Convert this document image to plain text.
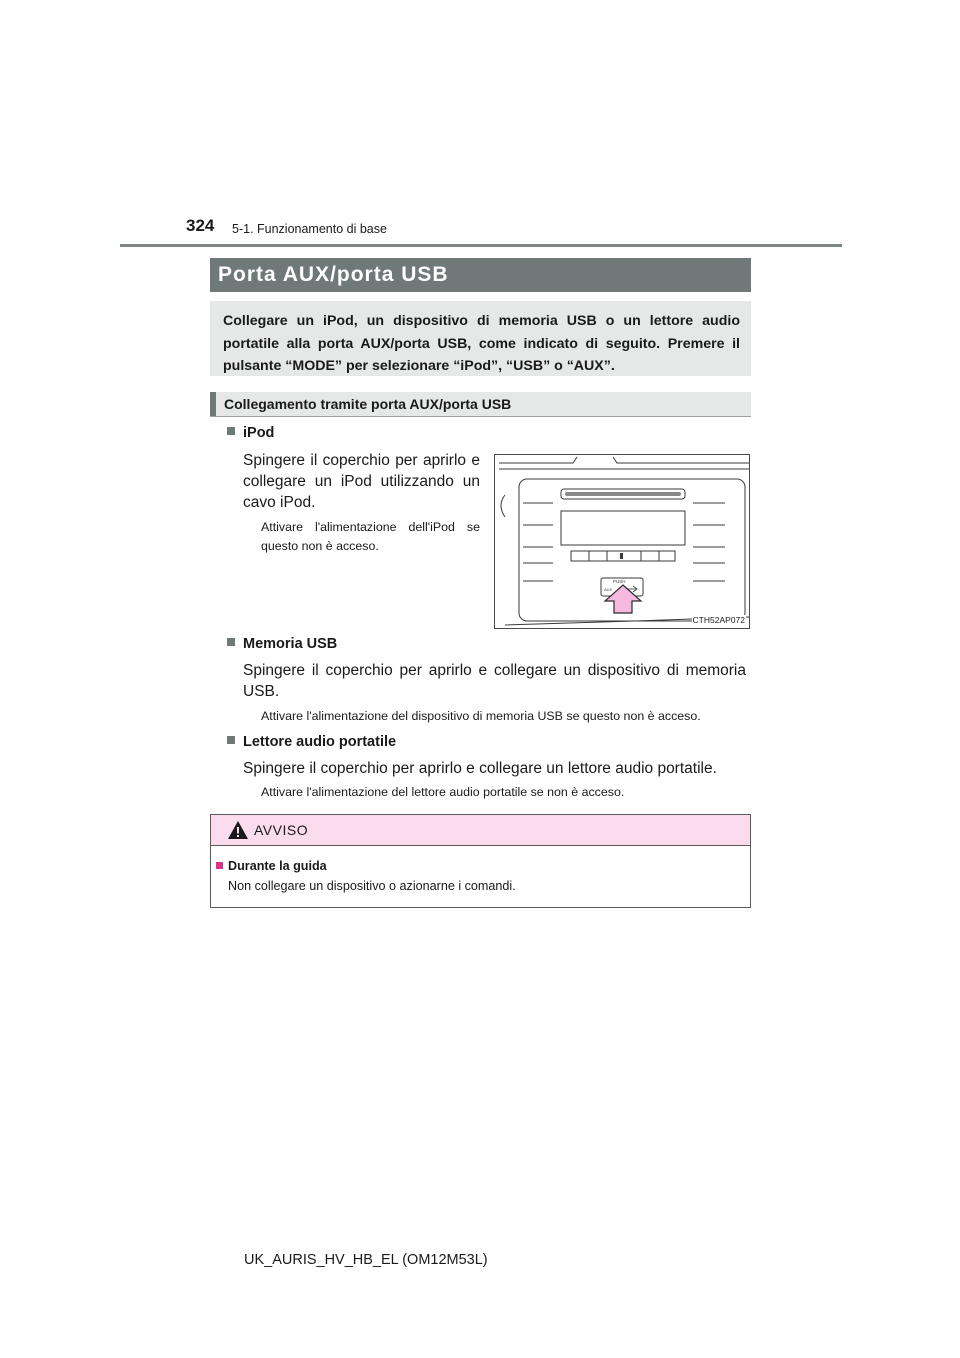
324 5-1. Funzionamento di base
Porta AUX/porta USB
Collegare un iPod, un dispositivo di memoria USB o un lettore audio portatile alla porta AUX/porta USB, come indicato di seguito. Premere il pulsante “MODE” per selezionare “iPod”, “USB” o “AUX”.
Collegamento tramite porta AUX/porta USB
iPod
Spingere il coperchio per aprirlo e collegare un iPod utilizzando un cavo iPod.
Attivare l'alimentazione dell'iPod se questo non è acceso.
PUSH
AUX
CTH52AP072
Memoria USB
Spingere il coperchio per aprirlo e collegare un dispositivo di memoria USB.
Attivare l'alimentazione del dispositivo di memoria USB se questo non è acceso.
Lettore audio portatile
Spingere il coperchio per aprirlo e collegare un lettore audio portatile.
Attivare l'alimentazione del lettore audio portatile se non è acceso.
AVVISO
Durante la guida
Non collegare un dispositivo o azionarne i comandi.
UK_AURIS_HV_HB_EL (OM12M53L)
